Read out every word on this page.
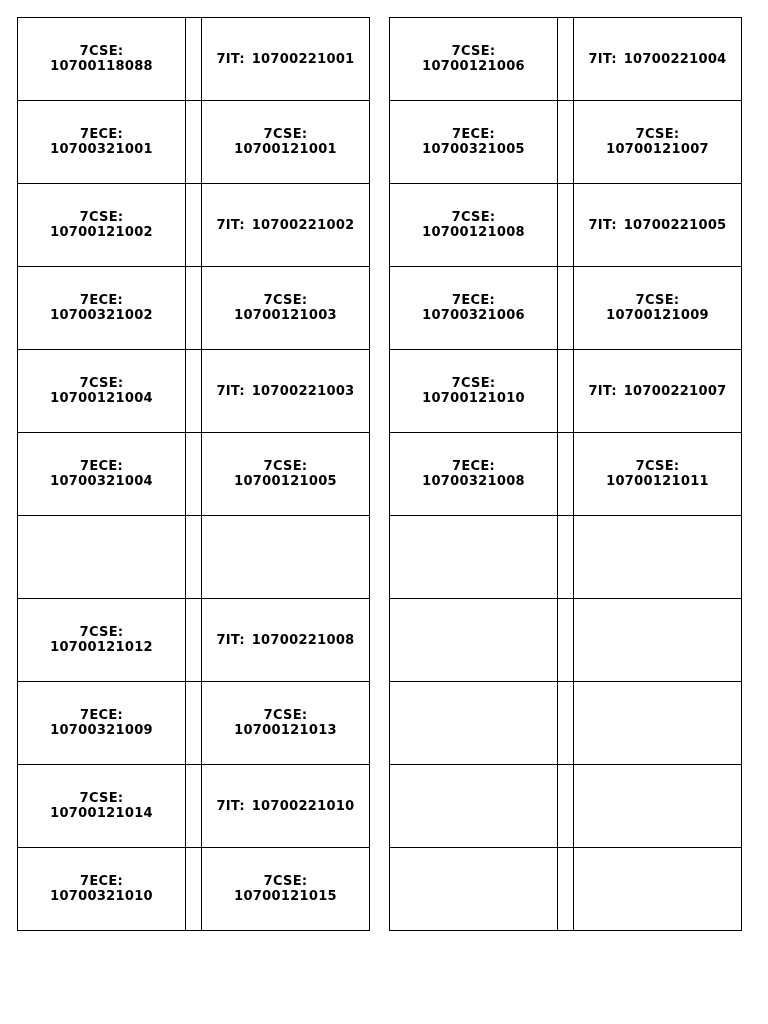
7CSE: 10700118088		7IT: 10700221001
7ECE: 10700321001		7CSE: 10700121001
7CSE: 10700121002		7IT: 10700221002
7ECE: 10700321002		7CSE: 10700121003
7CSE: 10700121004		7IT: 10700221003
7ECE: 10700321004		7CSE: 10700121005

7CSE: 10700121012		7IT: 10700221008
7ECE: 10700321009		7CSE: 10700121013
7CSE: 10700121014		7IT: 10700221010
7ECE: 10700321010		7CSE: 10700121015
7CSE: 10700121006		7IT: 10700221004
7ECE: 10700321005		7CSE: 10700121007
7CSE: 10700121008		7IT: 10700221005
7ECE: 10700321006		7CSE: 10700121009
7CSE: 10700121010		7IT: 10700221007
7ECE: 10700321008		7CSE: 10700121011
